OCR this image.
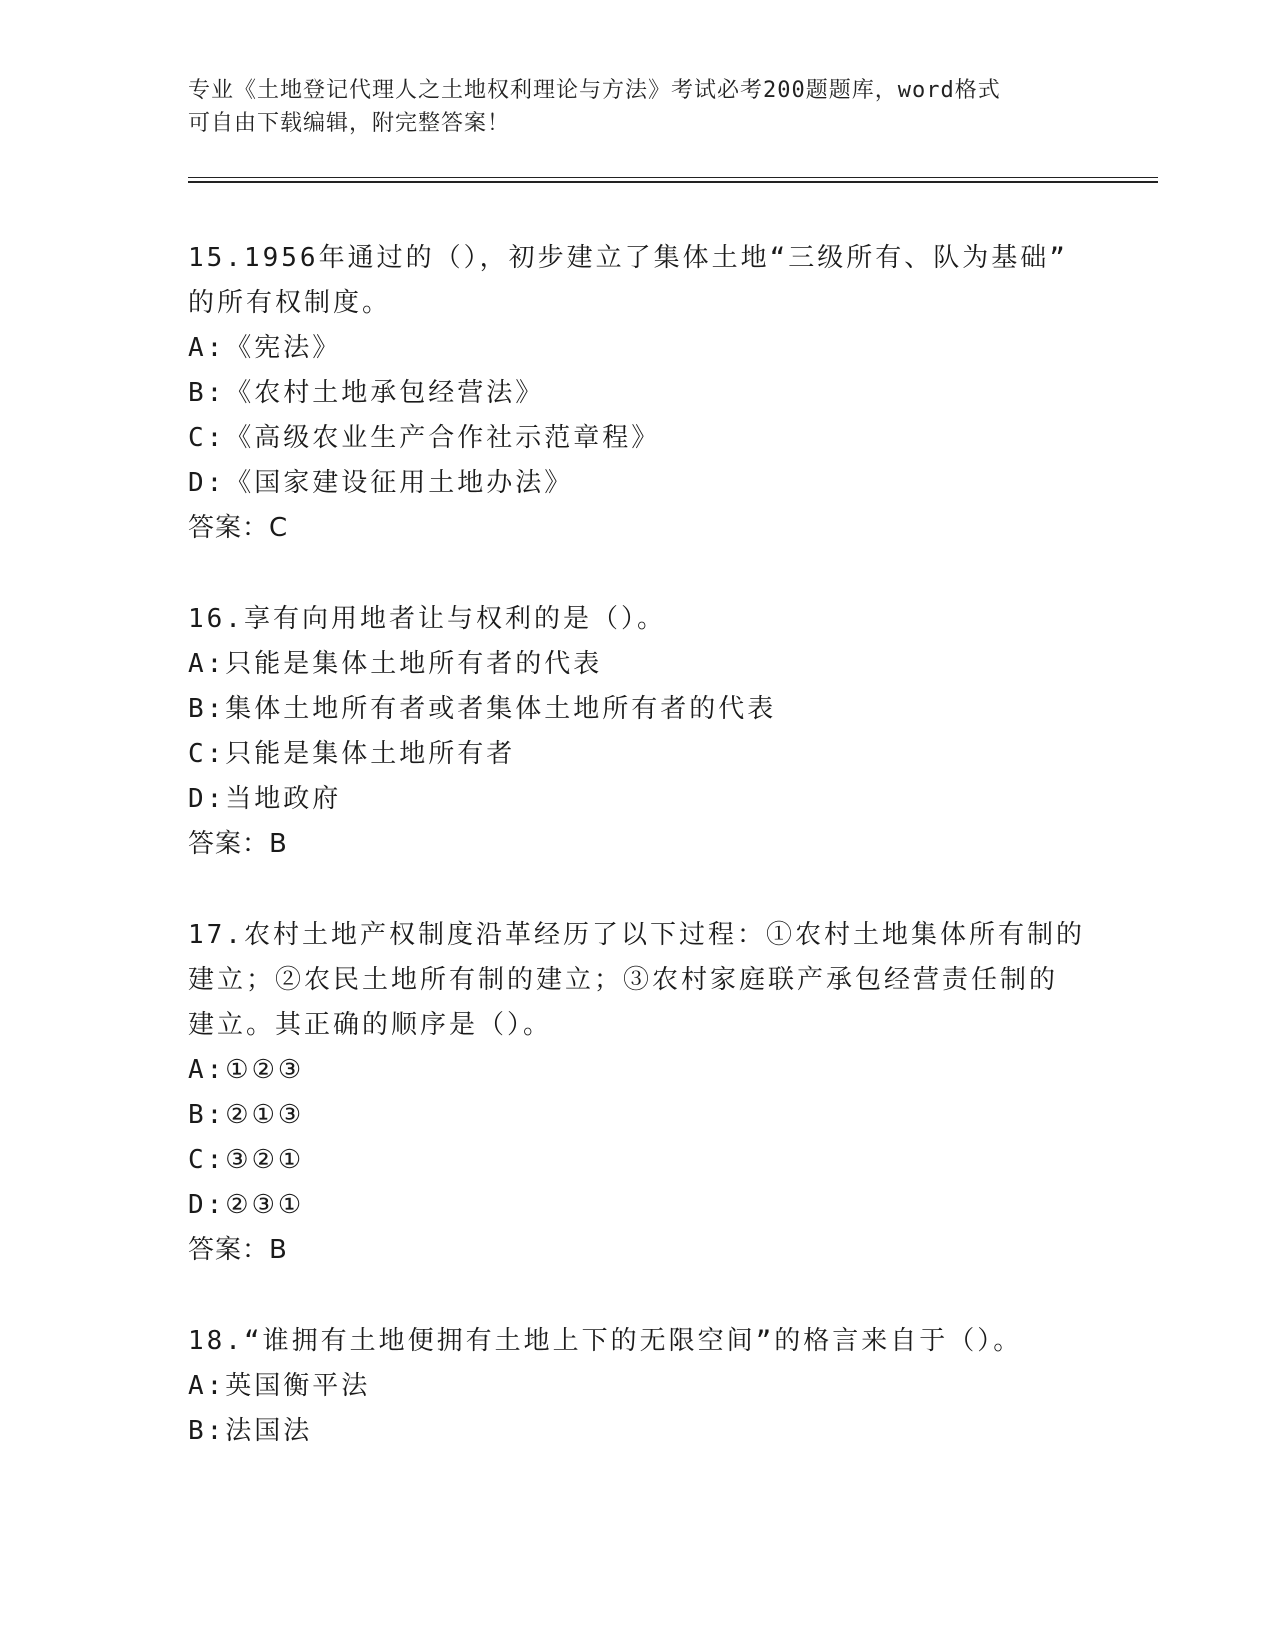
专业《土地登记代理人之土地权利理论与方法》考试必考200题题库，word格式
可自由下载编辑，附完整答案！

15.1956年通过的（），初步建立了集体土地“三级所有、队为基础”

的所有权制度。

A:《宪法》

B:《农村土地承包经营法》

C:《高级农业生产合作社示范章程》

D:《国家建设征用土地办法》

答案：C

16.享有向用地者让与权利的是（）。

A:只能是集体土地所有者的代表

B:集体土地所有者或者集体土地所有者的代表

C:只能是集体土地所有者

D:当地政府

答案：B

17.农村土地产权制度沿革经历了以下过程：①农村土地集体所有制的

建立；②农民土地所有制的建立；③农村家庭联产承包经营责任制的

建立。其正确的顺序是（）。

A:①②③

B:②①③

C:③②①

D:②③①

答案：B

18.“谁拥有土地便拥有土地上下的无限空间”的格言来自于（）。

A:英国衡平法

B:法国法
